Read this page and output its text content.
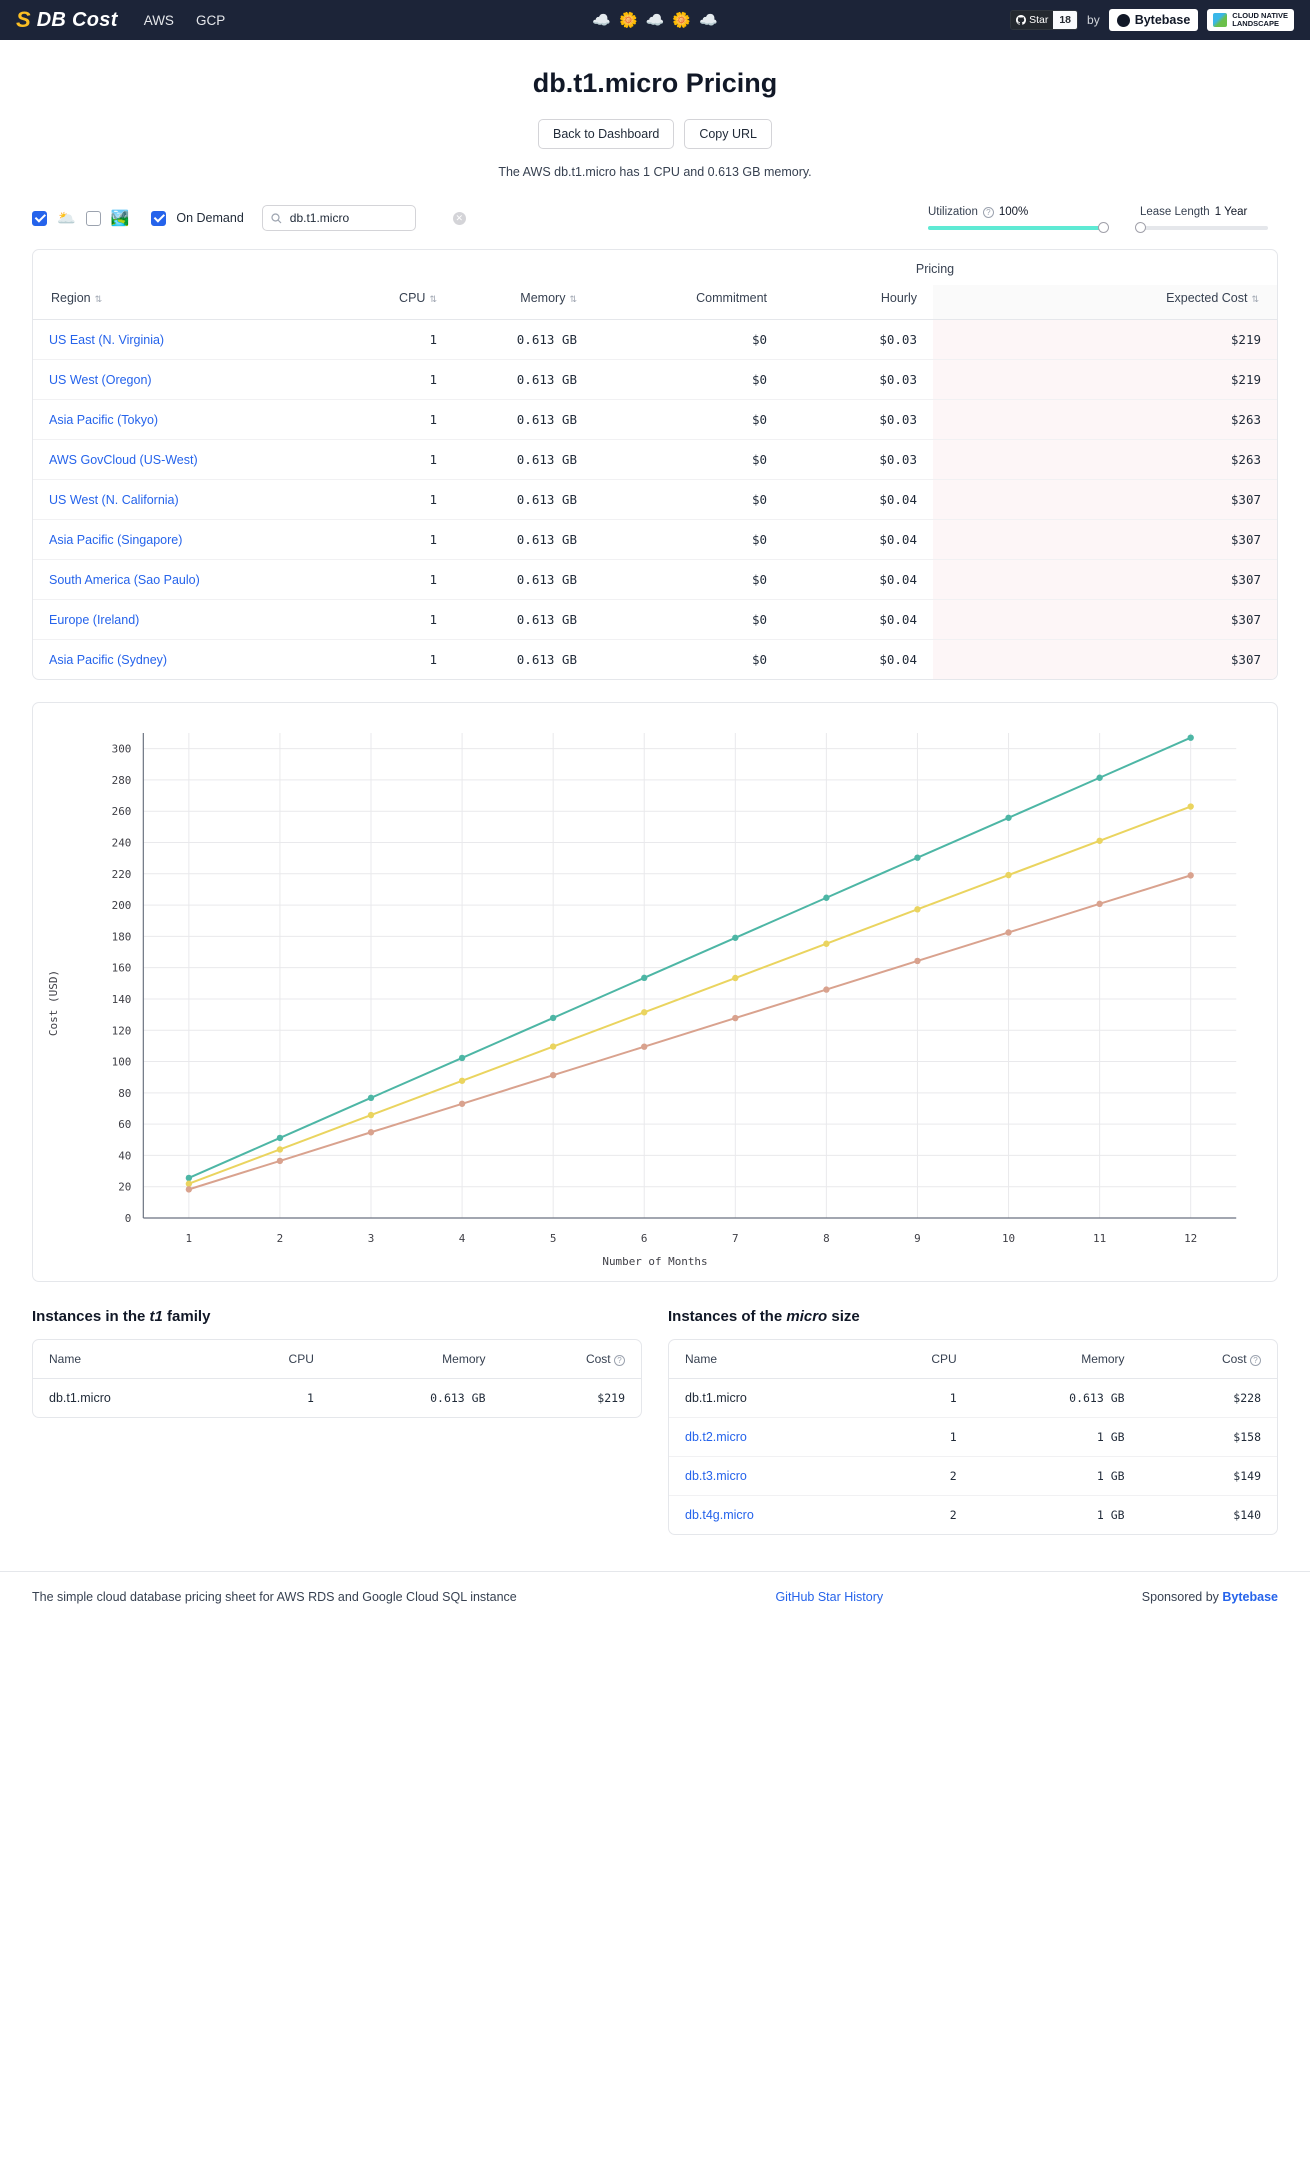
S DB Cost AWS GCP	☁️ 🌼 ☁️ 🌼 ☁️	Star	18	by	Bytebase	CLOUD NATIVE
LANDSCAPE
db.t1.micro Pricing
Back to Dashboard	Copy URL
The AWS db.t1.micro has 1 CPU and 0.613 GB memory.
🌥️ 🏞️	On Demand
db.t1.micro	✕	Utilization	? 100%	Lease Length 1 Year
			Pricing		
Region ⇅	CPU ⇅	Memory ⇅	Commitment	Hourly	Expected Cost ⇅
US East (N. Virginia)	1	0.613 GB	$0	$0.03	$219
US West (Oregon)	1	0.613 GB	$0	$0.03	$219
Asia Pacific (Tokyo)	1	0.613 GB	$0	$0.03	$263
AWS GovCloud (US-West)	1	0.613 GB	$0	$0.03	$263
US West (N. California)	1	0.613 GB	$0	$0.04	$307
Asia Pacific (Singapore)	1	0.613 GB	$0	$0.04	$307
South America (Sao Paulo)	1	0.613 GB	$0	$0.04	$307
Europe (Ireland)	1	0.613 GB	$0	$0.04	$307
Asia Pacific (Sydney)	1	0.613 GB	$0	$0.04	$307
0
20
40
60
80
100
120
140
160
180
200
220
240
260
280
300
1	2	3	4	5	6	7	8	9	10	11	12
Number of Months
Cost (USD)
Instances in the t1 family
Name	CPU	Memory	Cost ?
db.t1.micro	1	0.613 GB	$219
Instances of the micro size
Name	CPU	Memory	Cost ?
db.t1.micro	1	0.613 GB	$228
db.t2.micro	1	1 GB	$158
db.t3.micro	2	1 GB	$149
db.t4g.micro	2	1 GB	$140
The simple cloud database pricing sheet for AWS RDS and Google Cloud SQL instance	GitHub Star History	Sponsored by Bytebase
